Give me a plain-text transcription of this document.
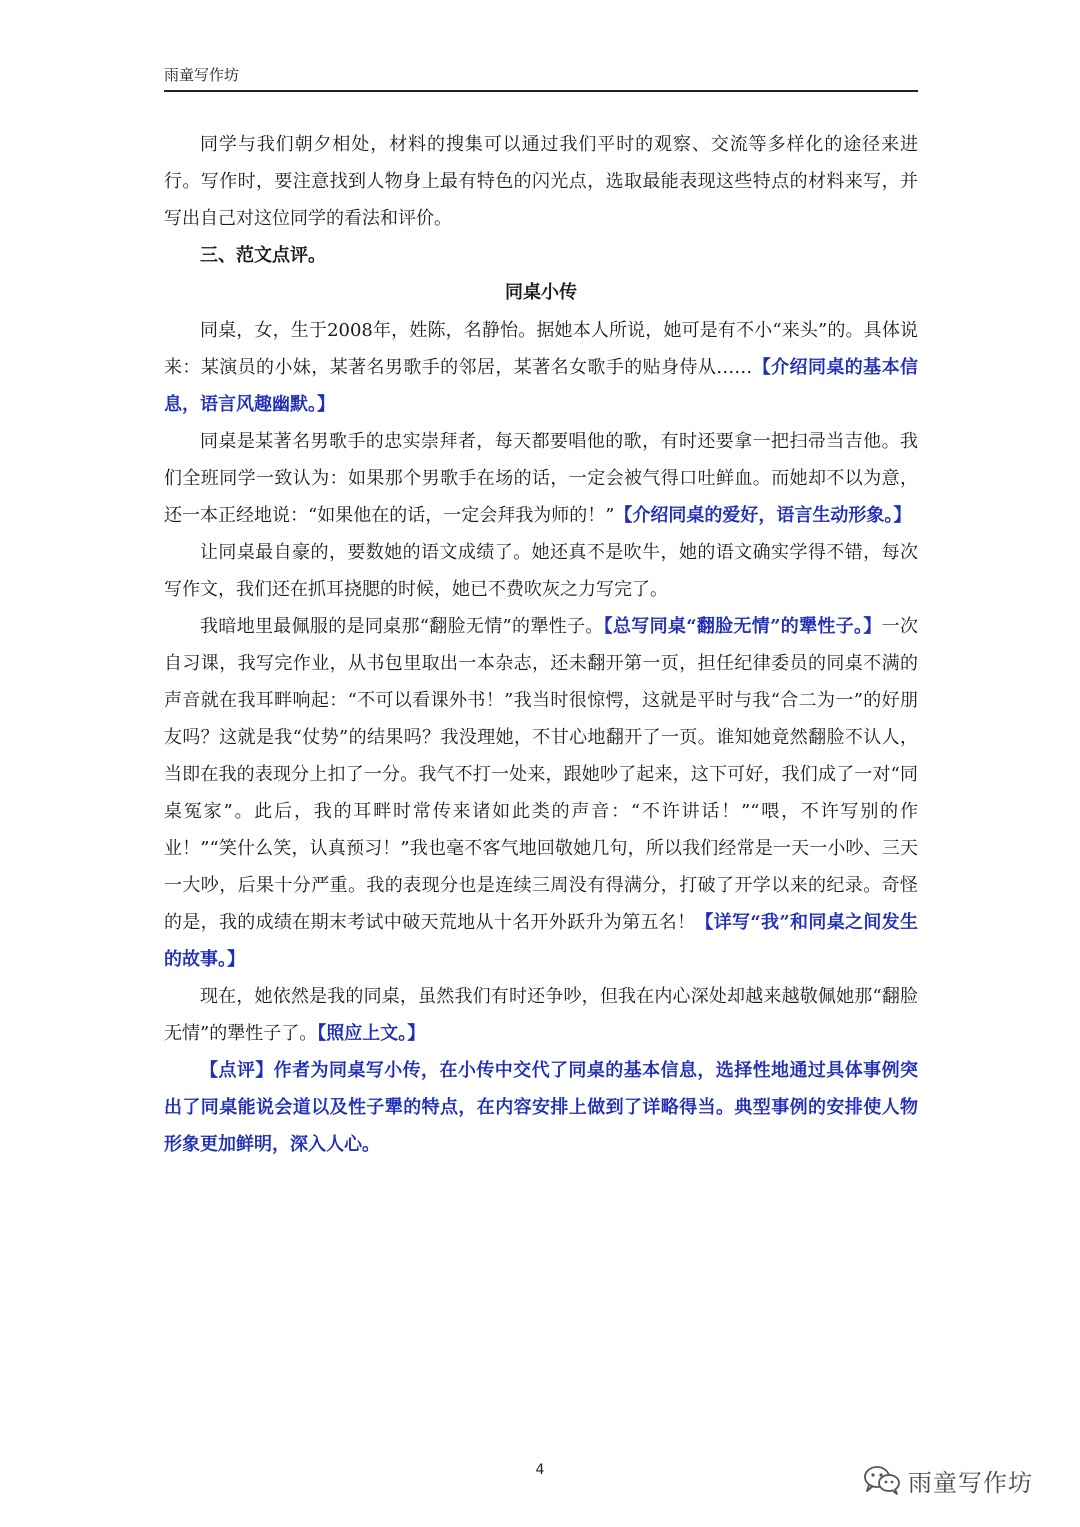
雨童写作坊

同学与我们朝夕相处，材料的搜集可以通过我们平时的观察、交流等多样化的途径来进行。写作时，要注意找到人物身上最有特色的闪光点，选取最能表现这些特点的材料来写，并写出自己对这位同学的看法和评价。

三、范文点评。

同桌小传

同桌，女，生于2008年，姓陈，名静怡。据她本人所说，她可是有不小“来头”的。具体说来：某演员的小妹，某著名男歌手的邻居，某著名女歌手的贴身侍从……【介绍同桌的基本信息，语言风趣幽默。】

同桌是某著名男歌手的忠实崇拜者，每天都要唱他的歌，有时还要拿一把扫帚当吉他。我们全班同学一致认为：如果那个男歌手在场的话，一定会被气得口吐鲜血。而她却不以为意，还一本正经地说：“如果他在的话，一定会拜我为师的！”【介绍同桌的爱好，语言生动形象。】

让同桌最自豪的，要数她的语文成绩了。她还真不是吹牛，她的语文确实学得不错，每次写作文，我们还在抓耳挠腮的时候，她已不费吹灰之力写完了。

我暗地里最佩服的是同桌那“翻脸无情”的犟性子。【总写同桌“翻脸无情”的犟性子。】一次自习课，我写完作业，从书包里取出一本杂志，还未翻开第一页，担任纪律委员的同桌不满的声音就在我耳畔响起：“不可以看课外书！”我当时很惊愕，这就是平时与我“合二为一”的好朋友吗？这就是我“仗势”的结果吗？我没理她，不甘心地翻开了一页。谁知她竟然翻脸不认人，当即在我的表现分上扣了一分。我气不打一处来，跟她吵了起来，这下可好，我们成了一对“同桌冤家”。此后，我的耳畔时常传来诸如此类的声音：“不许讲话！”“喂，不许写别的作业！”“笑什么笑，认真预习！”我也毫不客气地回敬她几句，所以我们经常是一天一小吵、三天一大吵，后果十分严重。我的表现分也是连续三周没有得满分，打破了开学以来的纪录。奇怪的是，我的成绩在期末考试中破天荒地从十名开外跃升为第五名！【详写“我”和同桌之间发生的故事。】

现在，她依然是我的同桌，虽然我们有时还争吵，但我在内心深处却越来越敬佩她那“翻脸无情”的犟性子了。【照应上文。】

【点评】作者为同桌写小传，在小传中交代了同桌的基本信息，选择性地通过具体事例突出了同桌能说会道以及性子犟的特点，在内容安排上做到了详略得当。典型事例的安排使人物形象更加鲜明，深入人心。

4	雨童写作坊
